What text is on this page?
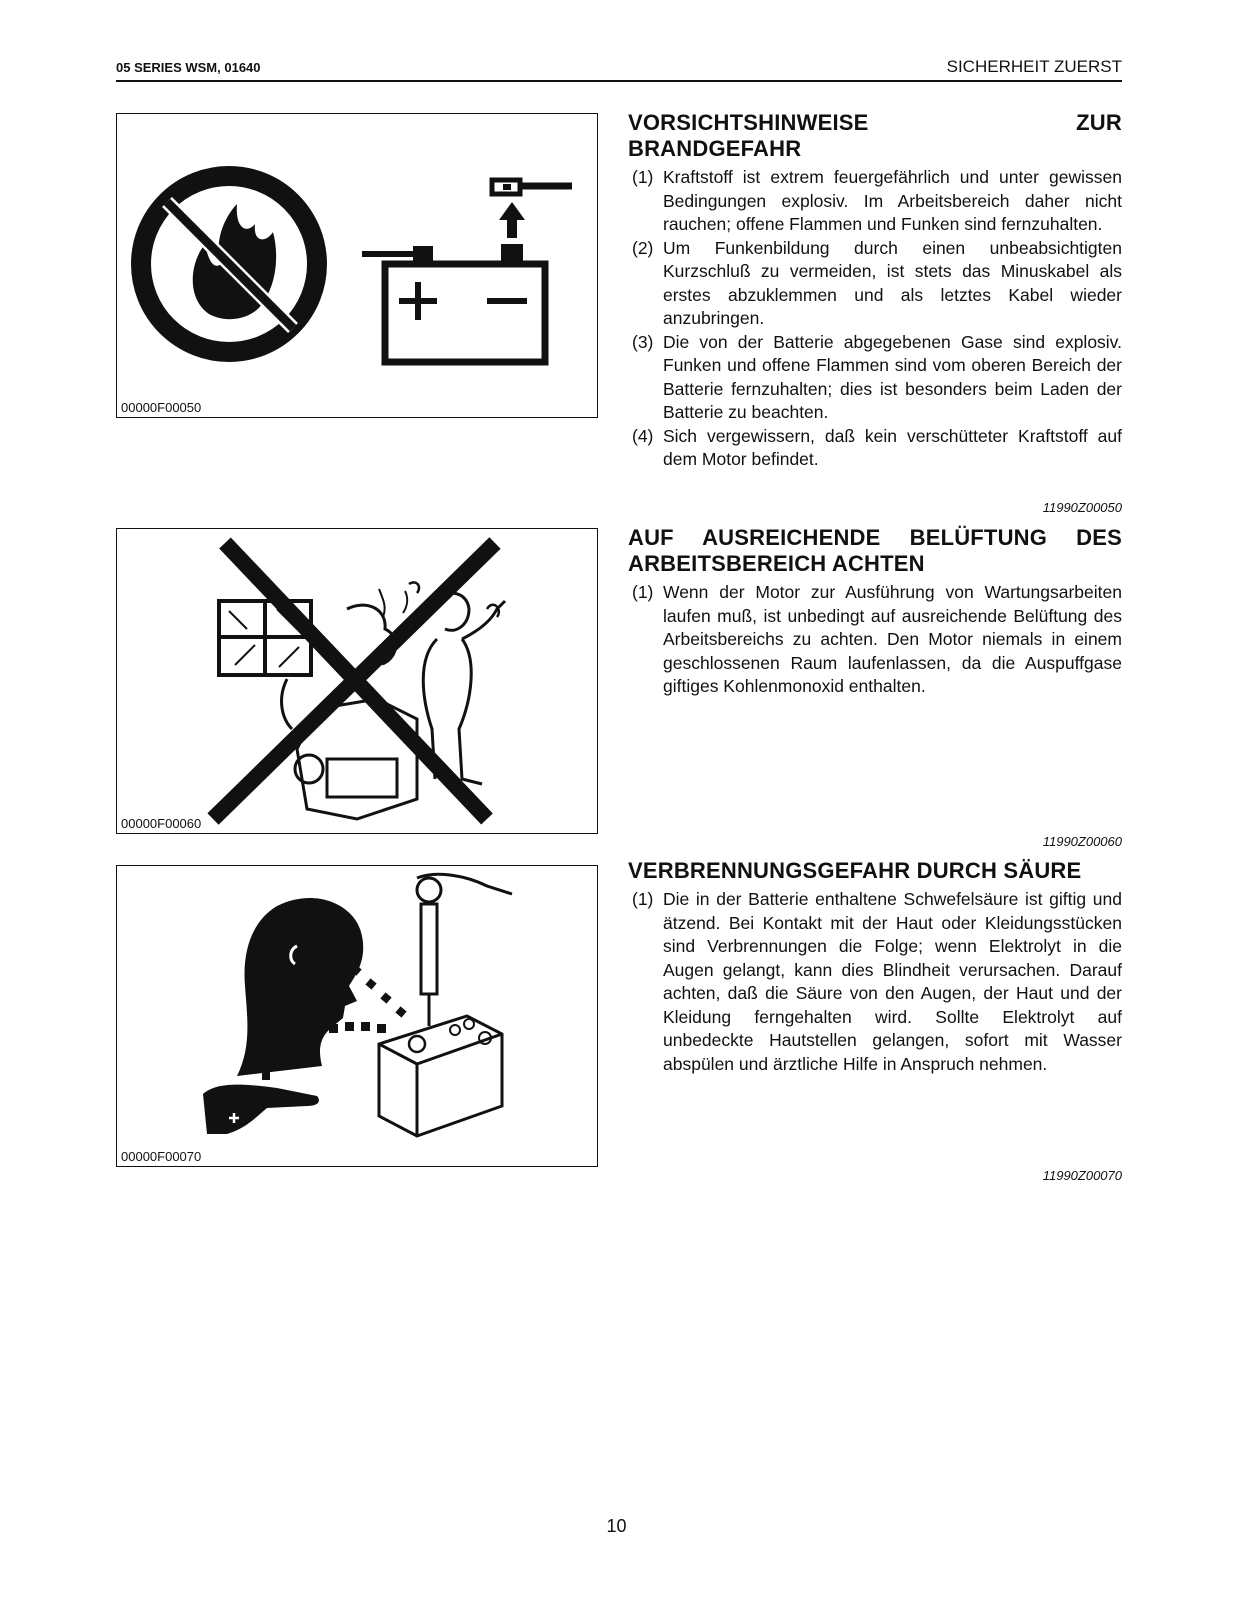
05 SERIES WSM, 01640	SICHERHEIT ZUERST
00000F00050
00000F00060
00000F00070
VORSICHTSHINWEISE	ZUR
BRANDGEFAHR
(1) Kraftstoff ist extrem feuergefährlich und unter gewissen Bedingungen explosiv. Im Arbeitsbereich daher nicht rauchen; offene Flammen und Funken sind fernzuhalten.
(2) Um Funkenbildung durch einen unbeabsichtigten Kurzschluß zu vermeiden, ist stets das Minuskabel als erstes abzuklemmen und als letztes Kabel wieder anzubringen.
(3) Die von der Batterie abgegebenen Gase sind explosiv. Funken und offene Flammen sind vom oberen Bereich der Batterie fernzuhalten; dies ist besonders beim Laden der Batterie zu beachten.
(4) Sich vergewissern, daß kein verschütteter Kraftstoff auf dem Motor befindet.
11990Z00050
AUF AUSREICHENDE BELÜFTUNG DES
ARBEITSBEREICH ACHTEN
(1) Wenn der Motor zur Ausführung von Wartungsarbeiten laufen muß, ist unbedingt auf ausreichende Belüftung des Arbeitsbereichs zu achten. Den Motor niemals in einem geschlossenen Raum laufenlassen, da die Auspuffgase giftiges Kohlenmonoxid enthalten.
11990Z00060
VERBRENNUNGSGEFAHR DURCH SÄURE
(1) Die in der Batterie enthaltene Schwefelsäure ist giftig und ätzend. Bei Kontakt mit der Haut oder Kleidungsstücken sind Verbrennungen die Folge; wenn Elektrolyt in die Augen gelangt, kann dies Blindheit verursachen. Darauf achten, daß die Säure von den Augen, der Haut und der Kleidung ferngehalten wird. Sollte Elektrolyt auf unbedeckte Hautstellen gelangen, sofort mit Wasser abspülen und ärztliche Hilfe in Anspruch nehmen.
11990Z00070
10
